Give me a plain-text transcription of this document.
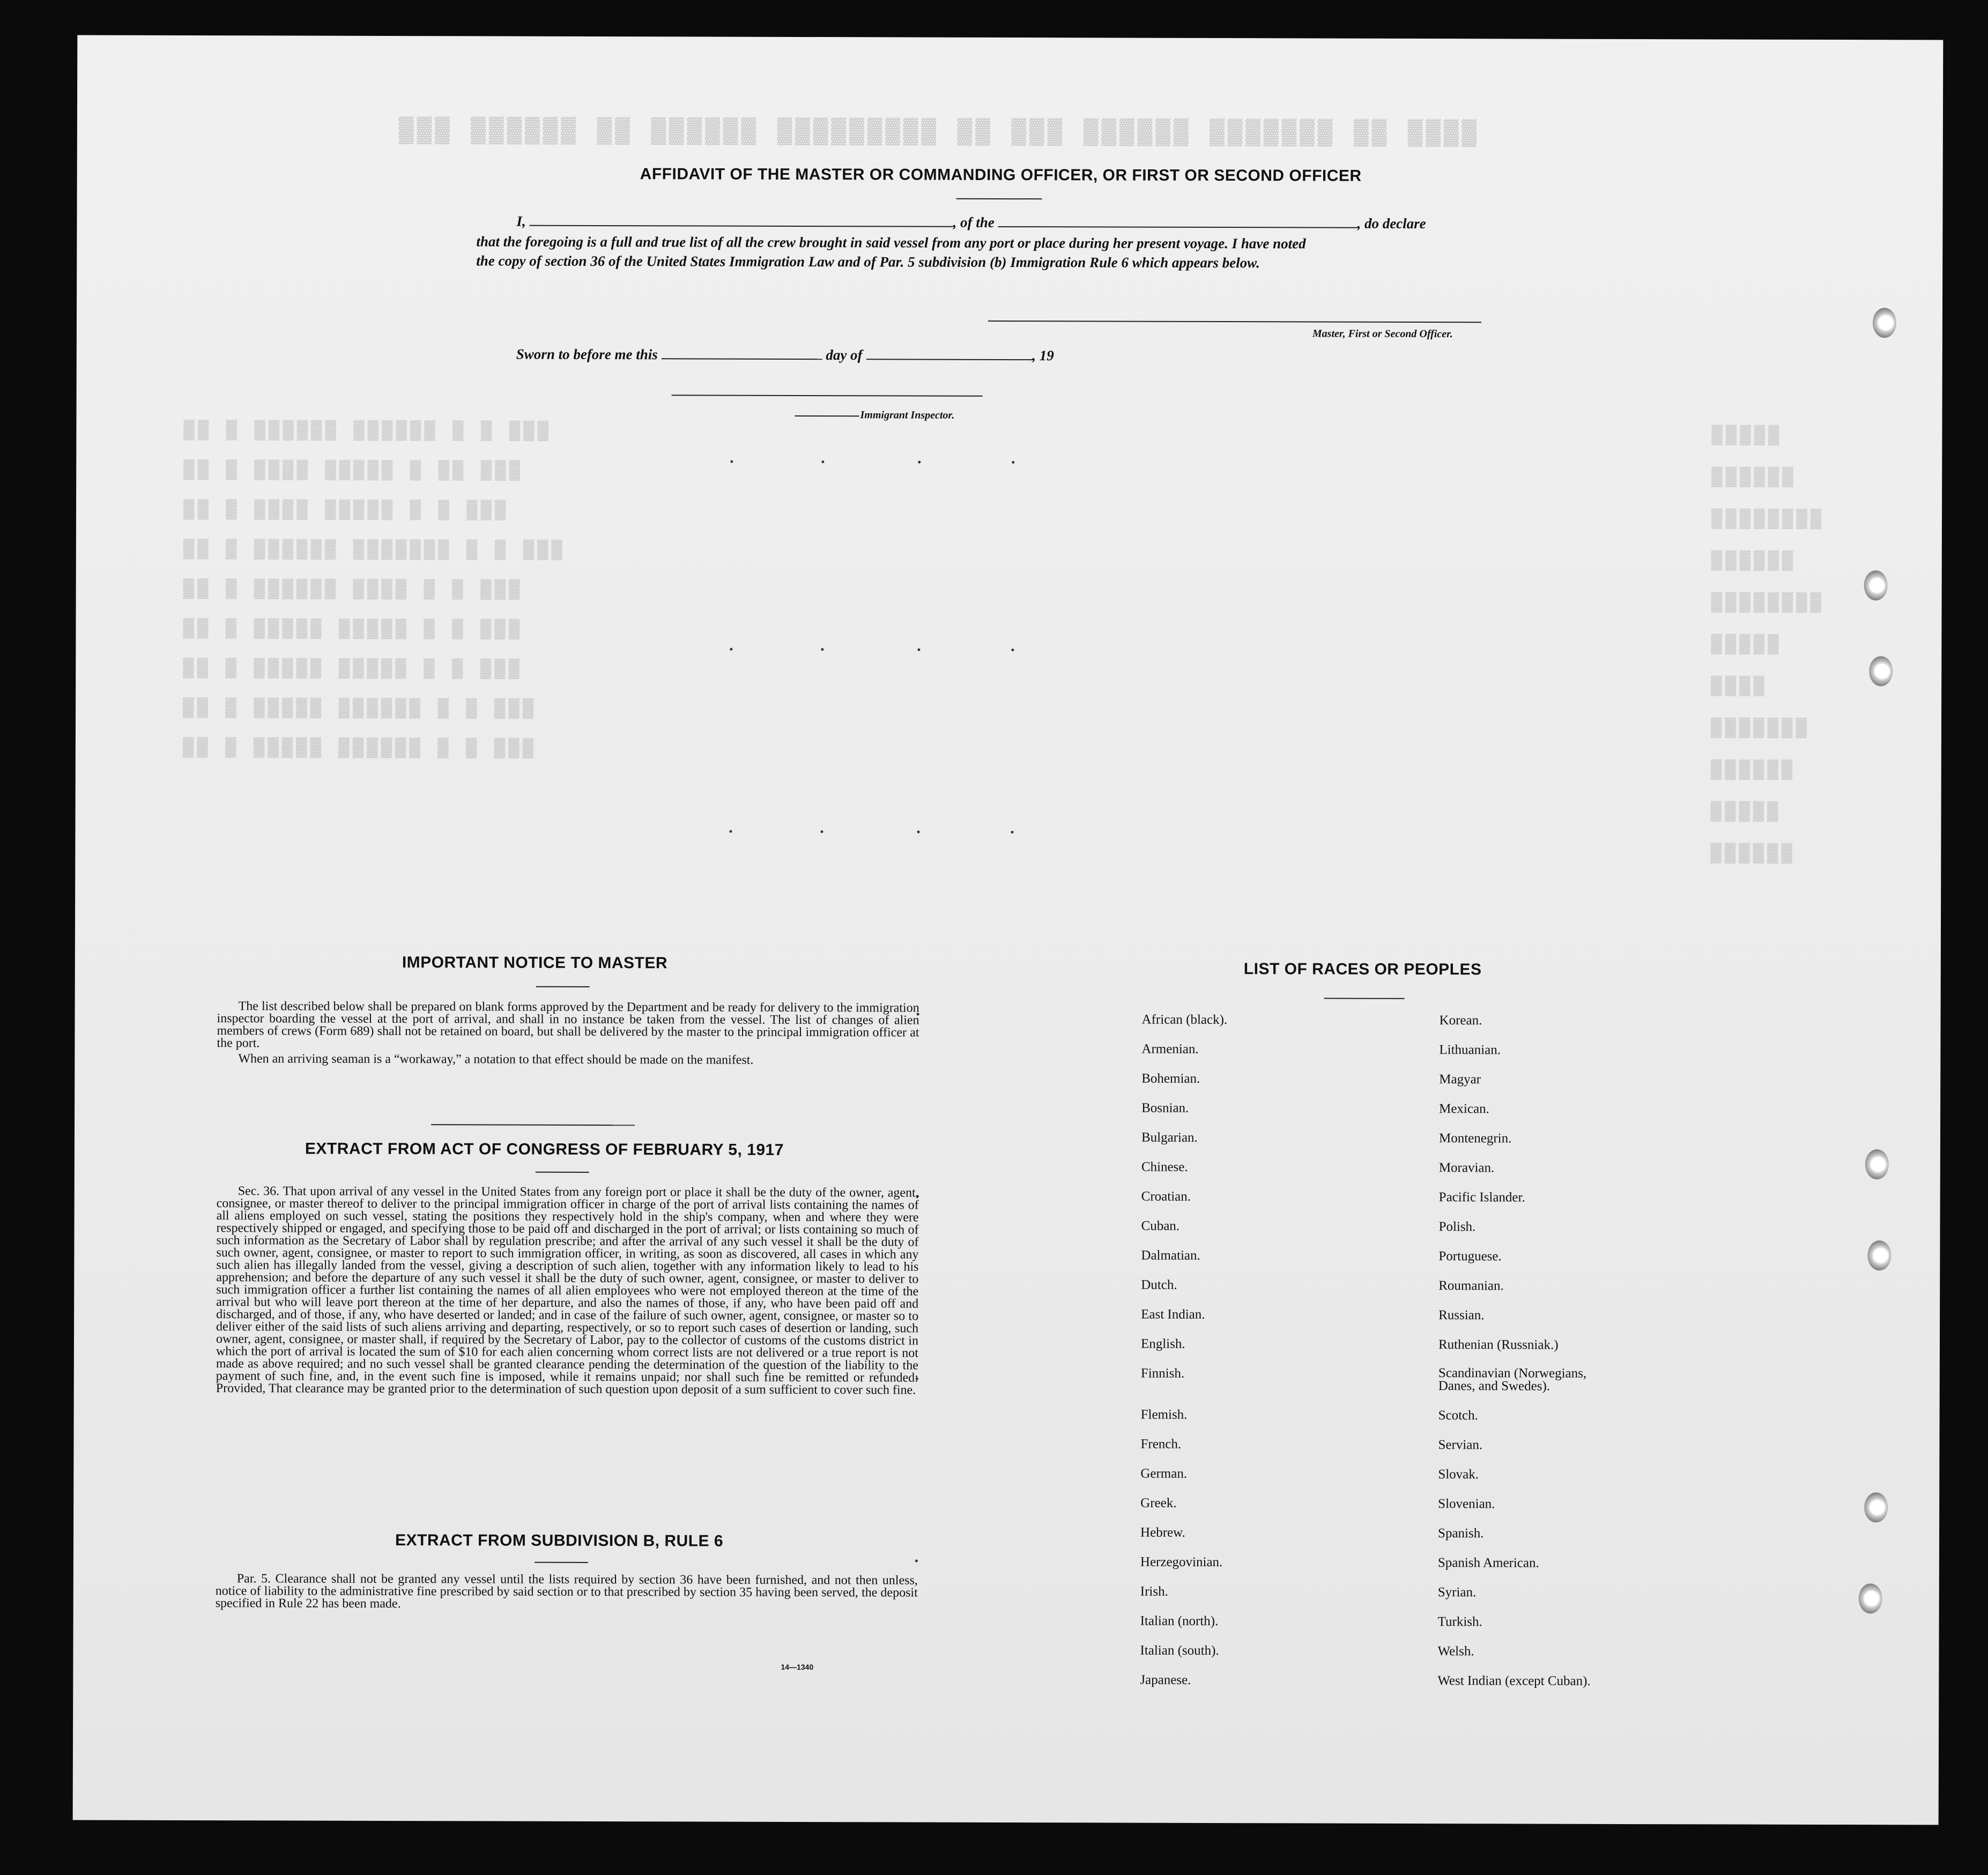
▓▓▓ ▓▓▓▓▓▓ ▓▓ ▓▓▓▓▓▓ ▓▓▓▓▓▓▓▓▓ ▓▓ ▓▓▓ ▓▓▓▓▓▓ ▓▓▓▓▓▓▓ ▓▓ ▓▓▓▓
▓▓ ▓ ▓▓▓▓▓▓ ▓▓▓▓▓▓ ▓ ▓ ▓▓▓
▓▓ ▓ ▓▓▓▓ ▓▓▓▓▓ ▓ ▓▓ ▓▓▓
▓▓ ▓ ▓▓▓▓ ▓▓▓▓▓ ▓ ▓ ▓▓▓
▓▓ ▓ ▓▓▓▓▓▓ ▓▓▓▓▓▓▓ ▓ ▓ ▓▓▓
▓▓ ▓ ▓▓▓▓▓▓ ▓▓▓▓ ▓ ▓ ▓▓▓
▓▓ ▓ ▓▓▓▓▓ ▓▓▓▓▓ ▓ ▓ ▓▓▓
▓▓ ▓ ▓▓▓▓▓ ▓▓▓▓▓ ▓ ▓ ▓▓▓
▓▓ ▓ ▓▓▓▓▓ ▓▓▓▓▓▓ ▓ ▓ ▓▓▓
▓▓ ▓ ▓▓▓▓▓ ▓▓▓▓▓▓ ▓ ▓ ▓▓▓
▓▓▓▓▓
▓▓▓▓▓▓
▓▓▓▓▓▓▓▓
▓▓▓▓▓▓
▓▓▓▓▓▓▓▓
▓▓▓▓▓
▓▓▓▓
▓▓▓▓▓▓▓
▓▓▓▓▓▓
▓▓▓▓▓
▓▓▓▓▓▓
AFFIDAVIT OF THE MASTER OR COMMANDING OFFICER, OR FIRST OR SECOND OFFICER
I,	, of the	, do declare
that the foregoing is a full and true list of all the crew brought in said vessel from any port or place during her present voyage. I have noted
the copy of section 36 of the United States Immigration Law and of Par. 5 subdivision (b) Immigration Rule 6 which appears below.
Master, First or Second Officer.
Sworn to before me this	day of	, 19
Immigrant Inspector.
IMPORTANT NOTICE TO MASTER

The list described below shall be prepared on blank forms approved by the Department and be ready for delivery to the immigration inspector boarding the vessel at the port of arrival, and shall in no instance be taken from the vessel. The list of changes of alien members of crews (Form 689) shall not be retained on board, but shall be delivered by the master to the principal immigration officer at the port.

When an arriving seaman is a “workaway,” a notation to that effect should be made on the manifest.

EXTRACT FROM ACT OF CONGRESS OF FEBRUARY 5, 1917

Sec. 36. That upon arrival of any vessel in the United States from any foreign port or place it shall be the duty of the owner, agent, consignee, or master thereof to deliver to the principal immigration officer in charge of the port of arrival lists containing the names of all aliens employed on such vessel, stating the positions they respectively hold in the ship's company, when and where they were respectively shipped or engaged, and specifying those to be paid off and discharged in the port of arrival; or lists containing so much of such information as the Secretary of Labor shall by regulation prescribe; and after the arrival of any such vessel it shall be the duty of such owner, agent, consignee, or master to report to such immigration officer, in writing, as soon as discovered, all cases in which any such alien has illegally landed from the vessel, giving a description of such alien, together with any information likely to lead to his apprehension; and before the departure of any such vessel it shall be the duty of such owner, agent, consignee, or master to deliver to such immigration officer a further list containing the names of all alien employees who were not employed thereon at the time of the arrival but who will leave port thereon at the time of her departure, and also the names of those, if any, who have been paid off and discharged, and of those, if any, who have deserted or landed; and in case of the failure of such owner, agent, consignee, or master so to deliver either of the said lists of such aliens arriving and departing, respectively, or so to report such cases of desertion or landing, such owner, agent, consignee, or master shall, if required by the Secretary of Labor, pay to the collector of customs of the customs district in which the port of arrival is located the sum of $10 for each alien concerning whom correct lists are not delivered or a true report is not made as above required; and no such vessel shall be granted clearance pending the determination of the question of the liability to the payment of such fine, and, in the event such fine is imposed, while it remains unpaid; nor shall such fine be remitted or refunded: Provided, That clearance may be granted prior to the determination of such question upon deposit of a sum sufficient to cover such fine.

EXTRACT FROM SUBDIVISION B, RULE 6

Par. 5. Clearance shall not be granted any vessel until the lists required by section 36 have been furnished, and not then unless, notice of liability to the administrative fine prescribed by said section or to that prescribed by section 35 having been served, the deposit specified in Rule 22 has been made.

14—1340
LIST OF RACES OR PEOPLES
African (black).
Armenian.
Bohemian.
Bosnian.
Bulgarian.
Chinese.
Croatian.
Cuban.
Dalmatian.
Dutch.
East Indian.
English.
Finnish.
Flemish.
French.
German.
Greek.
Hebrew.
Herzegovinian.
Irish.
Italian (north).
Italian (south).
Japanese.
Korean.
Lithuanian.
Magyar
Mexican.
Montenegrin.
Moravian.
Pacific Islander.
Polish.
Portuguese.
Roumanian.
Russian.
Ruthenian (Russniak.)
Scandinavian (Norwegians, Danes, and Swedes).
Scotch.
Servian.
Slovak.
Slovenian.
Spanish.
Spanish American.
Syrian.
Turkish.
Welsh.
West Indian (except Cuban).
